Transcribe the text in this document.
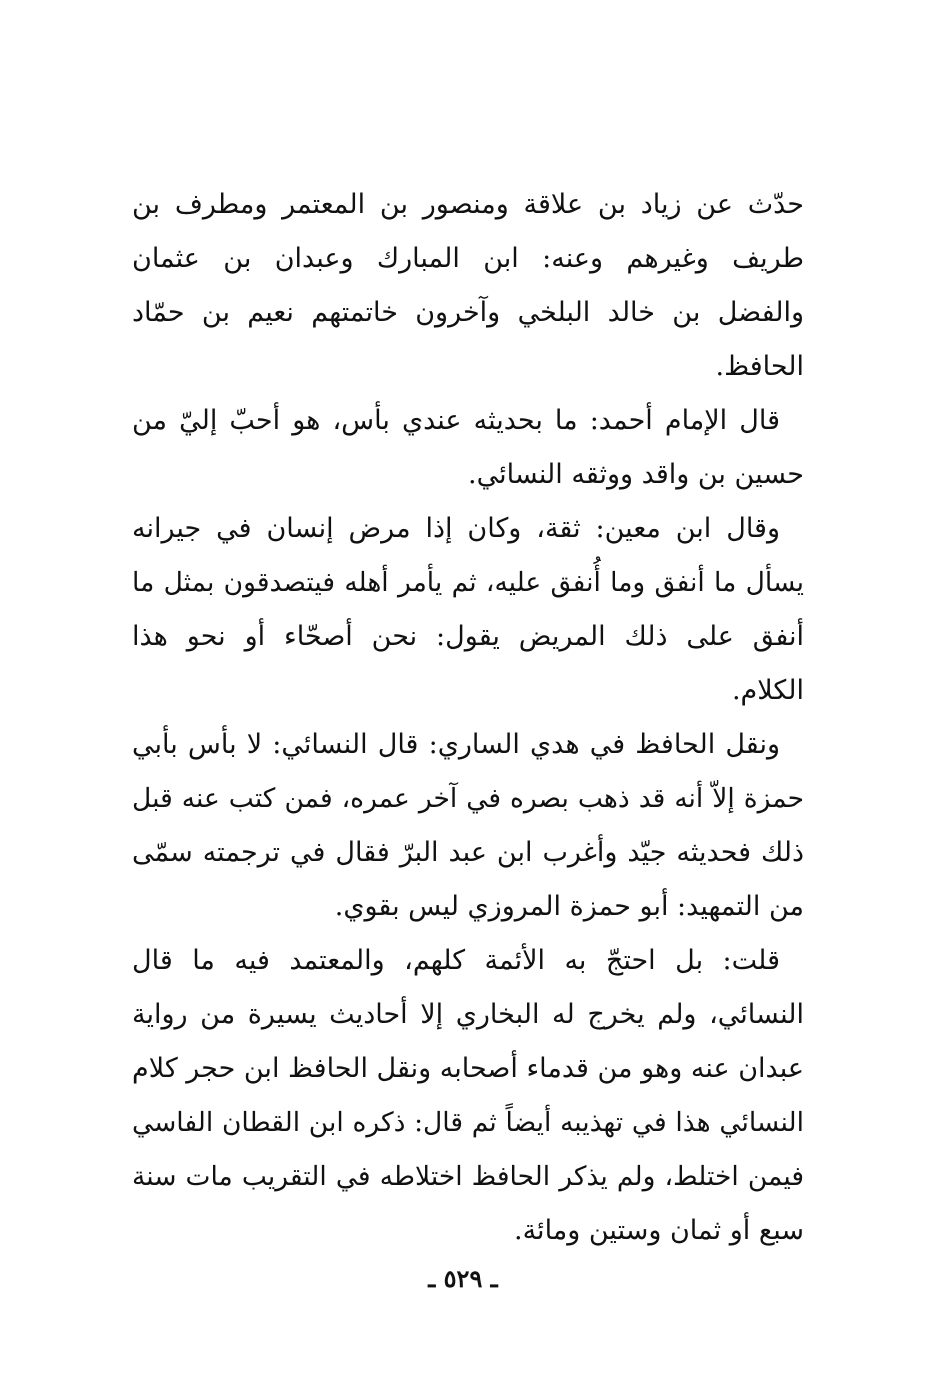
حدّث عن زياد بن علاقة ومنصور بن المعتمر ومطرف بن
طريف وغيرهم وعنه: ابن المبارك وعبدان بن عثمان
والفضل بن خالد البلخي وآخرون خاتمتهم نعيم بن حمّاد
الحافظ.
قال الإمام أحمد: ما بحديثه عندي بأس، هو أحبّ إليّ من
حسين بن واقد ووثقه النسائي.
وقال ابن معين: ثقة، وكان إذا مرض إنسان في جيرانه
يسأل ما أنفق وما أُنفق عليه، ثم يأمر أهله فيتصدقون بمثل ما
أنفق على ذلك المريض يقول: نحن أصحّاء أو نحو هذا
الكلام.
ونقل الحافظ في هدي الساري: قال النسائي: لا بأس بأبي
حمزة إلاّ أنه قد ذهب بصره في آخر عمره، فمن كتب عنه قبل
ذلك فحديثه جيّد وأغرب ابن عبد البرّ فقال في ترجمته سمّى
من التمهيد: أبو حمزة المروزي ليس بقوي.
قلت: بل احتجّ به الأئمة كلهم، والمعتمد فيه ما قال
النسائي، ولم يخرج له البخاري إلا أحاديث يسيرة من رواية
عبدان عنه وهو من قدماء أصحابه ونقل الحافظ ابن حجر كلام
النسائي هذا في تهذيبه أيضاً ثم قال: ذكره ابن القطان الفاسي
فيمن اختلط، ولم يذكر الحافظ اختلاطه في التقريب مات سنة
سبع أو ثمان وستين ومائة.
ـ ٥٢٩ ـ
